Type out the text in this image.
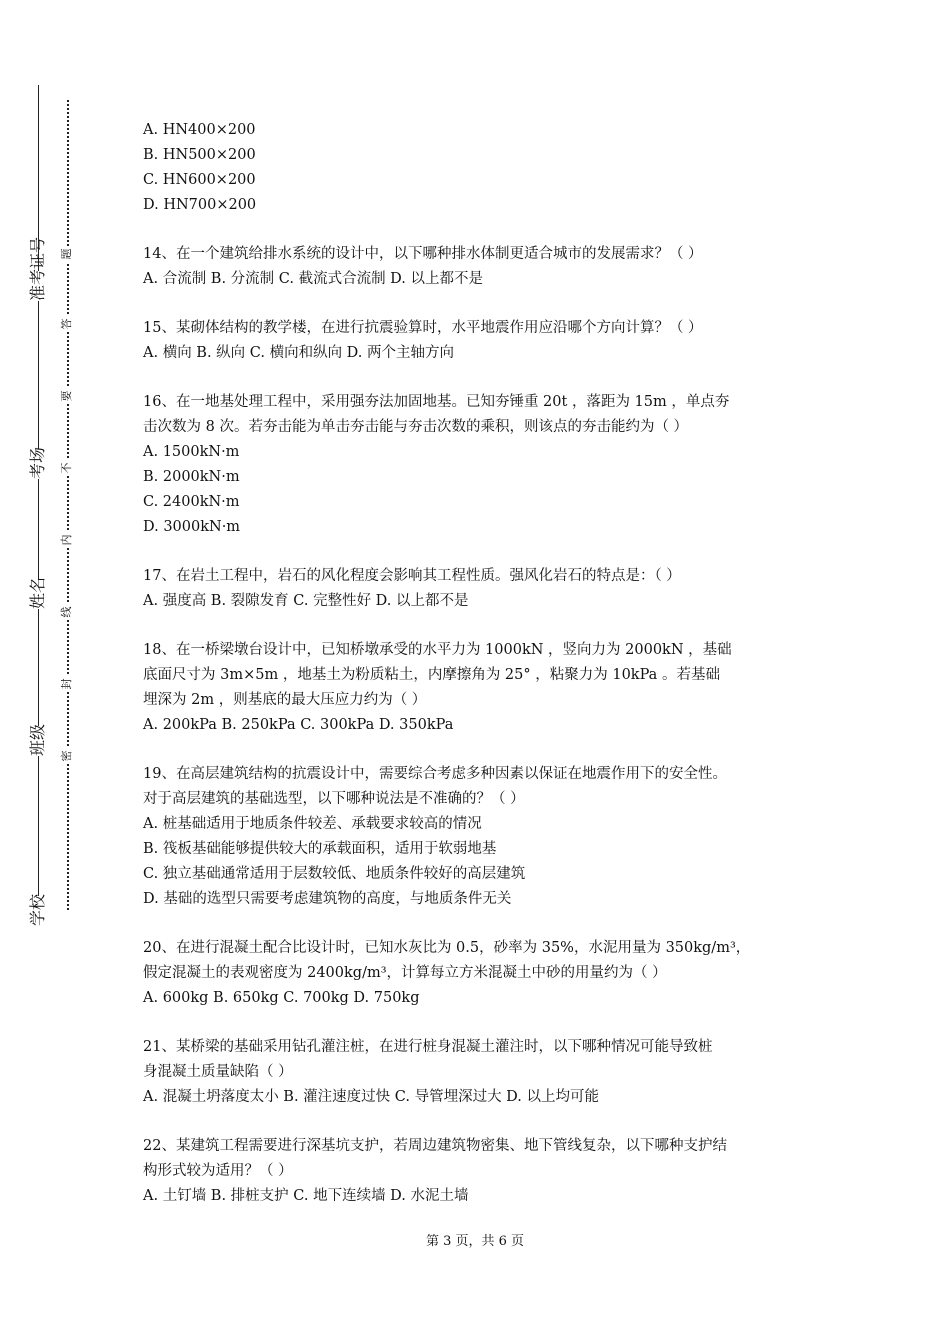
准考证号
考场
姓名
班级
学校
题
答
要
不
内
线
封
密
A. HN400×200
B. HN500×200
C. HN600×200
D. HN700×200
14、在一个建筑给排水系统的设计中，以下哪种排水体制更适合城市的发展需求？（ ）
A. 合流制 B. 分流制 C. 截流式合流制 D. 以上都不是
15、某砌体结构的教学楼，在进行抗震验算时，水平地震作用应沿哪个方向计算？（ ）
A. 横向 B. 纵向 C. 横向和纵向 D. 两个主轴方向
16、在一地基处理工程中，采用强夯法加固地基。已知夯锤重 20t ，落距为 15m ，单点夯
击次数为 8 次。若夯击能为单击夯击能与夯击次数的乘积，则该点的夯击能约为（ ）
A. 1500kN·m
B. 2000kN·m
C. 2400kN·m
D. 3000kN·m
17、在岩土工程中，岩石的风化程度会影响其工程性质。强风化岩石的特点是：（ ）
A. 强度高 B. 裂隙发育 C. 完整性好 D. 以上都不是
18、在一桥梁墩台设计中，已知桥墩承受的水平力为 1000kN ，竖向力为 2000kN ，基础
底面尺寸为 3m×5m ，地基土为粉质粘土，内摩擦角为 25° ，粘聚力为 10kPa 。若基础
埋深为 2m ，则基底的最大压应力约为（ ）
A. 200kPa B. 250kPa C. 300kPa D. 350kPa
19、在高层建筑结构的抗震设计中，需要综合考虑多种因素以保证在地震作用下的安全性。
对于高层建筑的基础选型，以下哪种说法是不准确的？（ ）
A. 桩基础适用于地质条件较差、承载要求较高的情况
B. 筏板基础能够提供较大的承载面积，适用于软弱地基
C. 独立基础通常适用于层数较低、地质条件较好的高层建筑
D. 基础的选型只需要考虑建筑物的高度，与地质条件无关
20、在进行混凝土配合比设计时，已知水灰比为 0.5，砂率为 35%，水泥用量为 350kg/m³，
假定混凝土的表观密度为 2400kg/m³，计算每立方米混凝土中砂的用量约为（ ）
A. 600kg B. 650kg C. 700kg D. 750kg
21、某桥梁的基础采用钻孔灌注桩，在进行桩身混凝土灌注时，以下哪种情况可能导致桩
身混凝土质量缺陷（ ）
A. 混凝土坍落度太小 B. 灌注速度过快 C. 导管埋深过大 D. 以上均可能
22、某建筑工程需要进行深基坑支护，若周边建筑物密集、地下管线复杂，以下哪种支护结
构形式较为适用？（ ）
A. 土钉墙 B. 排桩支护 C. 地下连续墙 D. 水泥土墙
第 3 页，共 6 页
